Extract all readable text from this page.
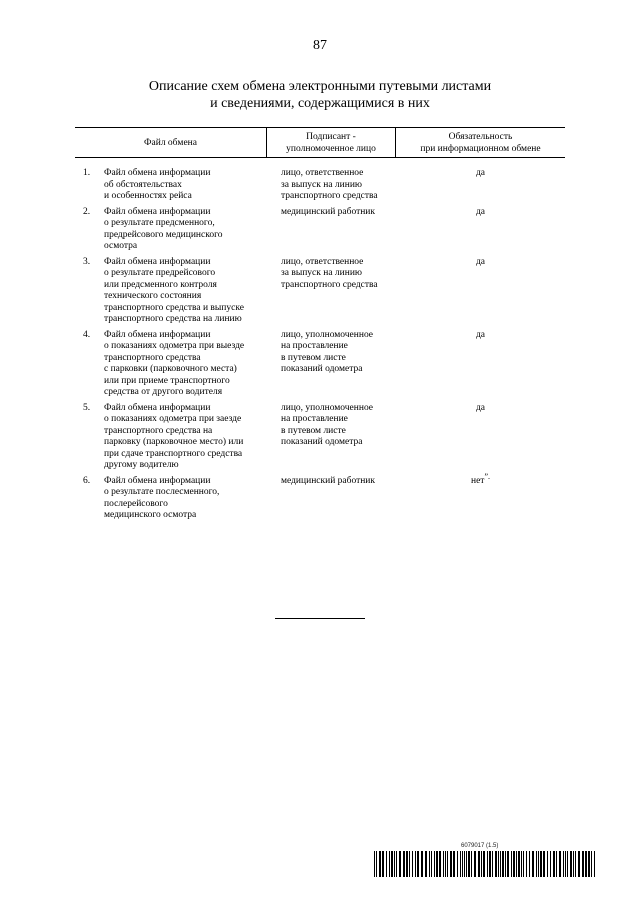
87
Описание схем обмена электронными путевыми листами
и сведениями, содержащимися в них
Файл обмена
Подписант -
уполномоченное лицо
Обязательность
при информационном обмене
1. Файл обмена информации
об обстоятельствах
и особенностях рейса
лицо, ответственное
за выпуск на линию
транспортного средства
да
2. Файл обмена информации
о результате предсменного,
предрейсового медицинского
осмотра
медицинский работник	да
3. Файл обмена информации
о результате предрейсового
или предсменного контроля
технического состояния
транспортного средства и выпуске
транспортного средства на линию
лицо, ответственное
за выпуск на линию
транспортного средства
да
4. Файл обмена информации
о показаниях одометра при выезде
транспортного средства
с парковки (парковочного места)
или при приеме транспортного
средства от другого водителя
лицо, уполномоченное
на проставление
в путевом листе
показаний одометра
да
5. Файл обмена информации
о показаниях одометра при заезде
транспортного средства на
парковку (парковочное место) или
при сдаче транспортного средства
другому водителю
лицо, уполномоченное
на проставление
в путевом листе
показаний одометра
да
6. Файл обмена информации
о результате послесменного,
послерейсового
медицинского осмотра
медицинский работник	нет”.
6079017 (1.5)
